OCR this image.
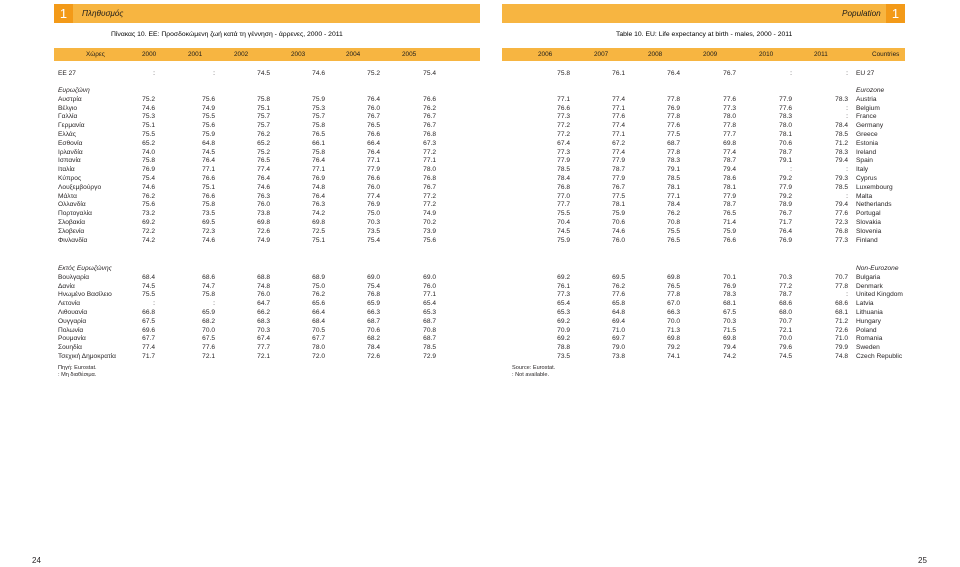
1	1
Πληθυσμός	Population
Πίνακας 10. ΕΕ: Προσδοκώμενη ζωή κατά τη γέννηση - άρρενες, 2000 - 2011	Table 10. EU: Life expectancy at birth - males, 2000 - 2011
Χώρες	2000	2001	2002	2003	2004	2005	2006	2007	2008	2009	2010	2011	Countries
ΕΕ 27	:	:	74.5	74.6	75.2	75.4	75.8	76.1	76.4	76.7	:	: EU 27
Ευρωζώνη	Eurozone
Αυστρία	75.2	75.6	75.8	75.9	76.4	76.6	77.1	77.4	77.8	77.6	77.9	78.3 Austria
Βέλγιο	74.6	74.9	75.1	75.3	76.0	76.2	76.6	77.1	76.9	77.3	77.6	: Belgium
Γαλλία	75.3	75.5	75.7	75.7	76.7	76.7	77.3	77.6	77.8	78.0	78.3	: France
Γερμανία	75.1	75.6	75.7	75.8	76.5	76.7	77.2	77.4	77.6	77.8	78.0	78.4 Germany
Ελλάς	75.5	75.9	76.2	76.5	76.6	76.8	77.2	77.1	77.5	77.7	78.1	78.5 Greece
Εσθονία	65.2	64.8	65.2	66.1	66.4	67.3	67.4	67.2	68.7	69.8	70.6	71.2 Estonia
Ιρλανδία	74.0	74.5	75.2	75.8	76.4	77.2	77.3	77.4	77.8	77.4	78.7	78.3 Ireland
Ισπανία	75.8	76.4	76.5	76.4	77.1	77.1	77.9	77.9	78.3	78.7	79.1	79.4 Spain
Ιταλία	76.9	77.1	77.4	77.1	77.9	78.0	78.5	78.7	79.1	79.4	:	: Italy
Κύπρος	75.4	76.6	76.4	76.9	76.6	76.8	78.4	77.9	78.5	78.6	79.2	79.3 Cyprus
Λουξεμβούργο	74.6	75.1	74.6	74.8	76.0	76.7	76.8	76.7	78.1	78.1	77.9	78.5 Luxembourg
Μάλτα	76.2	76.6	76.3	76.4	77.4	77.2	77.0	77.5	77.1	77.9	79.2	: Malta
Ολλανδία	75.6	75.8	76.0	76.3	76.9	77.2	77.7	78.1	78.4	78.7	78.9	79.4 Netherlands
Πορτογαλία	73.2	73.5	73.8	74.2	75.0	74.9	75.5	75.9	76.2	76.5	76.7	77.6 Portugal
Σλοβακία	69.2	69.5	69.8	69.8	70.3	70.2	70.4	70.6	70.8	71.4	71.7	72.3 Slovakia
Σλοβενία	72.2	72.3	72.6	72.5	73.5	73.9	74.5	74.6	75.5	75.9	76.4	76.8 Slovenia
Φινλανδία	74.2	74.6	74.9	75.1	75.4	75.6	75.9	76.0	76.5	76.6	76.9	77.3 Finland
Εκτός Ευρωζώνης	Non-Eurozone
Βουλγαρία	68.4	68.6	68.8	68.9	69.0	69.0	69.2	69.5	69.8	70.1	70.3	70.7 Bulgaria
Δανία	74.5	74.7	74.8	75.0	75.4	76.0	76.1	76.2	76.5	76.9	77.2	77.8 Denmark
Ηνωμένο Βασίλειο	75.5	75.8	76.0	76.2	76.8	77.1	77.3	77.6	77.8	78.3	78.7	: United Kingdom
Λετονία	:	:	64.7	65.6	65.9	65.4	65.4	65.8	67.0	68.1	68.6	68.6 Latvia
Λιθουανία	66.8	65.9	66.2	66.4	66.3	65.3	65.3	64.8	66.3	67.5	68.0	68.1 Lithuania
Ουγγαρία	67.5	68.2	68.3	68.4	68.7	68.7	69.2	69.4	70.0	70.3	70.7	71.2 Hungary
Πολωνία	69.6	70.0	70.3	70.5	70.6	70.8	70.9	71.0	71.3	71.5	72.1	72.6 Poland
Ρουμανία	67.7	67.5	67.4	67.7	68.2	68.7	69.2	69.7	69.8	69.8	70.0	71.0 Romania
Σουηδία	77.4	77.6	77.7	78.0	78.4	78.5	78.8	79.0	79.2	79.4	79.6	79.9 Sweden
Τσεχική Δημοκρατία	71.7	72.1	72.1	72.0	72.6	72.9	73.5	73.8	74.1	74.2	74.5	74.8 Czech Republic
Πηγή: Eurostat.
: Μη διαθέσιμα.
Source: Eurostat.
: Not available.
24	25
